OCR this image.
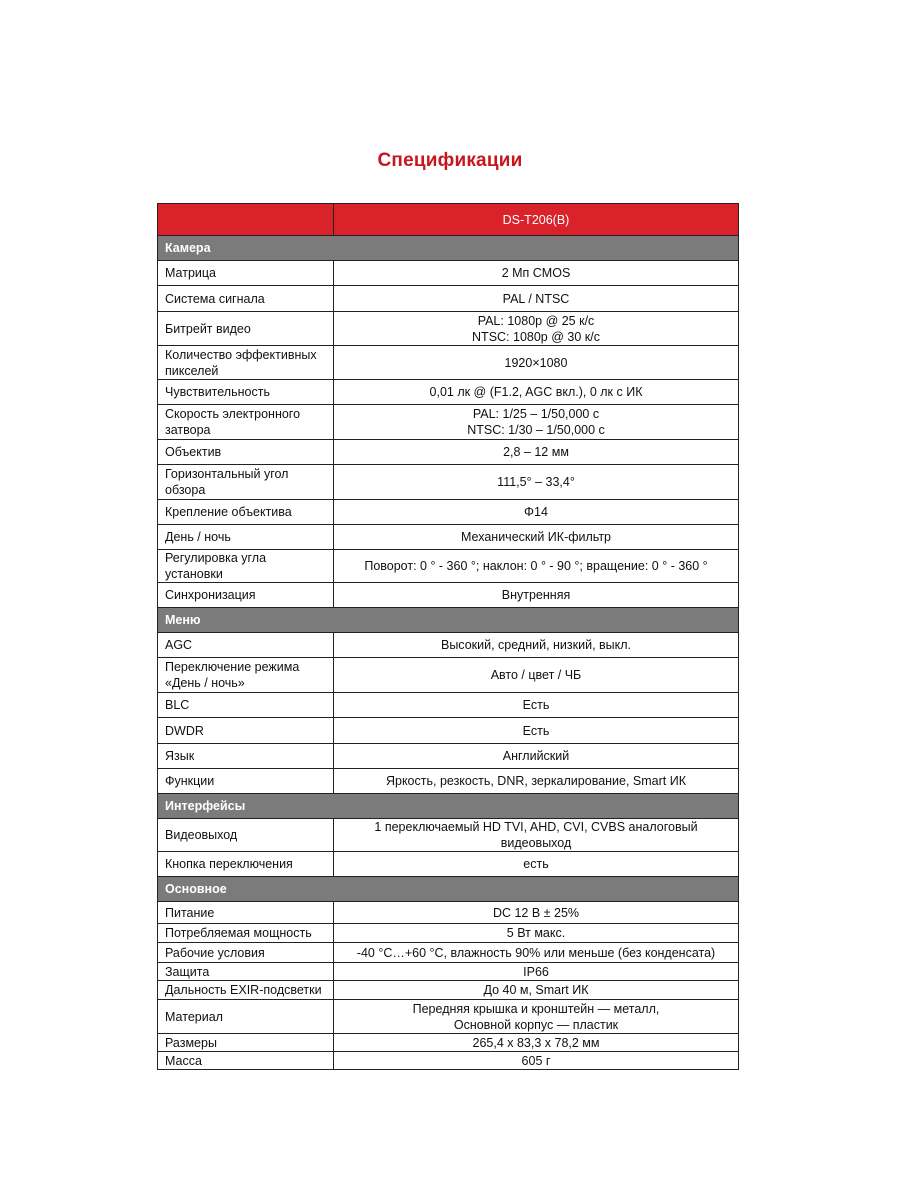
Спецификации
	DS-T206(B)
Камера	
Матрица	2 Мп CMOS
Система сигнала	PAL / NTSC
Битрейт видео	PAL: 1080p @ 25 к/с
NTSC: 1080p @ 30 к/с
Количество эффективных пикселей	1920×1080
Чувствительность	0,01 лк @ (F1.2, AGC вкл.), 0 лк с ИК
Скорость электронного затвора	PAL: 1/25 – 1/50,000 с
NTSC: 1/30 – 1/50,000 с
Объектив	2,8 – 12 мм
Горизонтальный угол обзора	111,5° – 33,4°
Крепление объектива	Φ14
День / ночь	Механический ИК-фильтр
Регулировка угла установки	Поворот: 0 ° - 360 °; наклон: 0 ° - 90 °; вращение: 0 ° - 360 °
Синхронизация	Внутренняя
Меню	
AGC	Высокий, средний, низкий, выкл.
Переключение режима «День / ночь»	Авто / цвет / ЧБ
BLC	Есть
DWDR	Есть
Язык	Английский
Функции	Яркость, резкость, DNR, зеркалирование, Smart ИК
Интерфейсы	
Видеовыход	1 переключаемый HD TVI, AHD, CVI, CVBS аналоговый видеовыход
Кнопка переключения	есть
Основное	
Питание	DC 12 В ± 25%
Потребляемая мощность	5 Вт макс.
Рабочие условия	-40 °C…+60 °C, влажность 90% или меньше (без конденсата)
Защита	IP66
Дальность EXIR-подсветки	До 40 м, Smart ИК
Материал	Передняя крышка и кронштейн — металл,
Основной корпус — пластик
Размеры	265,4 х 83,3 х 78,2 мм
Масса	605 г
